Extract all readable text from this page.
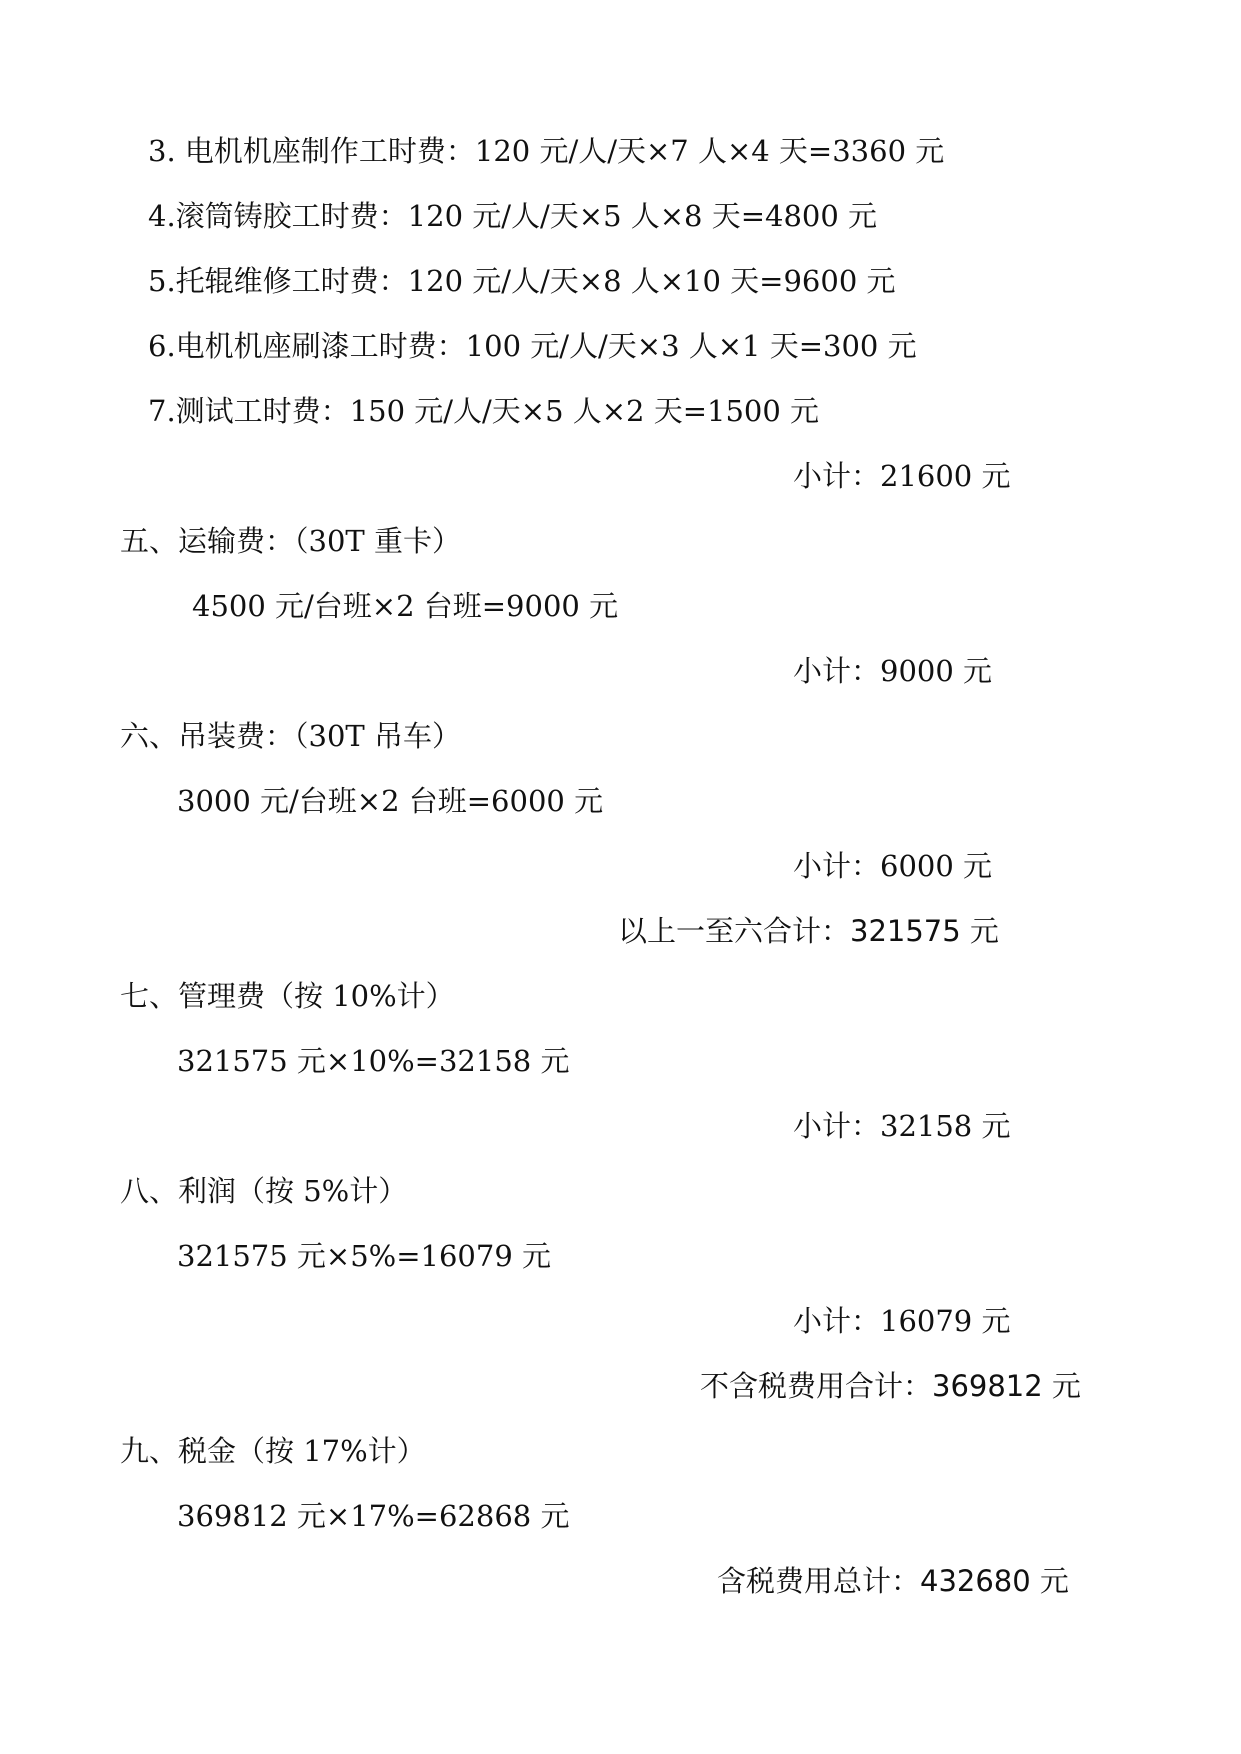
3. 电机机座制作工时费：120 元/人/天×7 人×4 天=3360 元
4.滚筒铸胶工时费：120 元/人/天×5 人×8 天=4800 元
5.托辊维修工时费：120 元/人/天×8 人×10 天=9600 元
6.电机机座刷漆工时费：100 元/人/天×3 人×1 天=300 元
7.测试工时费：150 元/人/天×5 人×2 天=1500 元
小计：21600 元
五、运输费：（30T 重卡）
4500 元/台班×2 台班=9000 元
小计：9000 元
六、吊装费：（30T 吊车）
3000 元/台班×2 台班=6000 元
小计：6000 元
以上一至六合计：321575 元
七、管理费（按 10%计）
321575 元×10%=32158 元
小计：32158 元
八、利润（按 5%计）
321575 元×5%=16079 元
小计：16079 元
不含税费用合计：369812 元
九、税金（按 17%计）
369812 元×17%=62868 元
含税费用总计：432680 元
